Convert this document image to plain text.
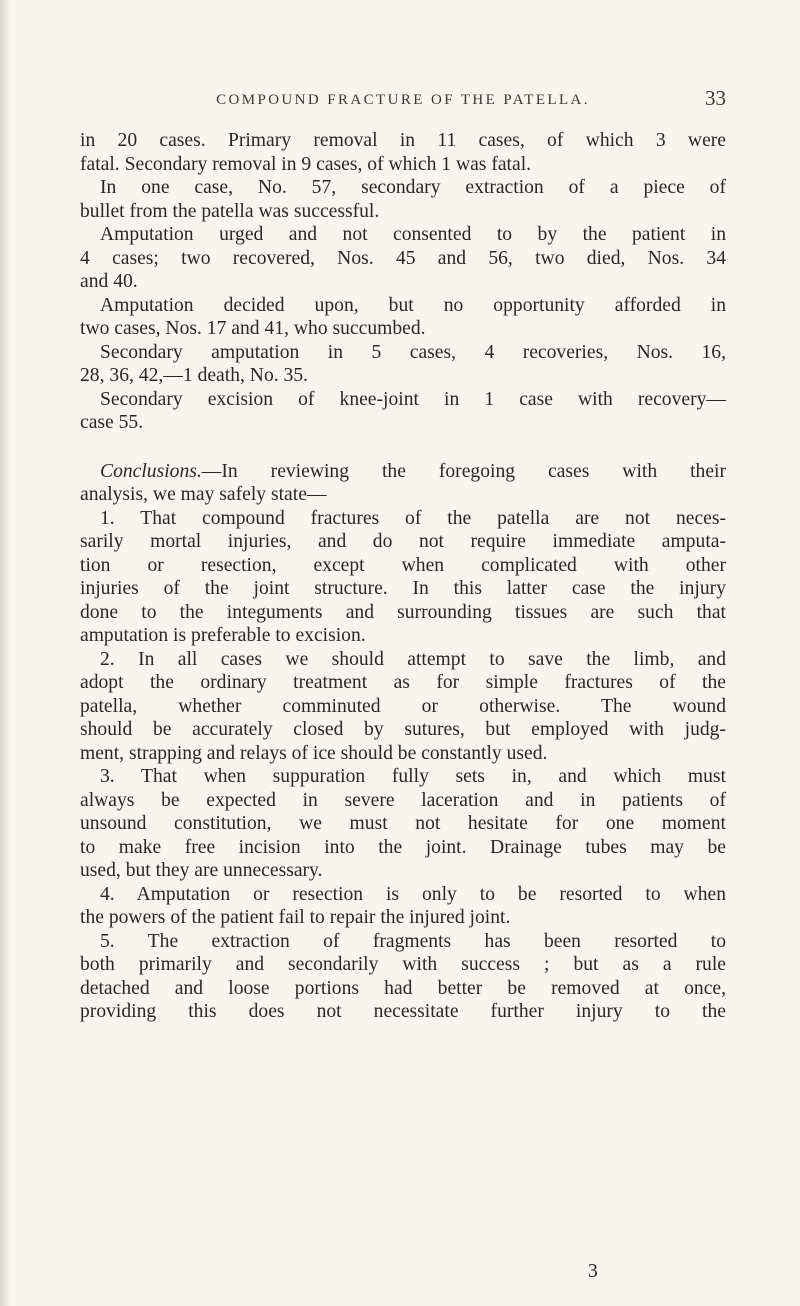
COMPOUND FRACTURE OF THE PATELLA.	33
in 20 cases. Primary removal in 11 cases, of which 3 were
fatal. Secondary removal in 9 cases, of which 1 was fatal.
In one case, No. 57, secondary extraction of a piece of
bullet from the patella was successful.
Amputation urged and not consented to by the patient in
4 cases; two recovered, Nos. 45 and 56, two died, Nos. 34
and 40.
Amputation decided upon, but no opportunity afforded in
two cases, Nos. 17 and 41, who succumbed.
Secondary amputation in 5 cases, 4 recoveries, Nos. 16,
28, 36, 42,—1 death, No. 35.
Secondary excision of knee-joint in 1 case with recovery—
case 55.
Conclusions.—In reviewing the foregoing cases with their
analysis, we may safely state—
1. That compound fractures of the patella are not neces-
sarily mortal injuries, and do not require immediate amputa-
tion or resection, except when complicated with other
injuries of the joint structure. In this latter case the injury
done to the integuments and surrounding tissues are such that
amputation is preferable to excision.
2. In all cases we should attempt to save the limb, and
adopt the ordinary treatment as for simple fractures of the
patella, whether comminuted or otherwise. The wound
should be accurately closed by sutures, but employed with judg-
ment, strapping and relays of ice should be constantly used.
3. That when suppuration fully sets in, and which must
always be expected in severe laceration and in patients of
unsound constitution, we must not hesitate for one moment
to make free incision into the joint. Drainage tubes may be
used, but they are unnecessary.
4. Amputation or resection is only to be resorted to when
the powers of the patient fail to repair the injured joint.
5. The extraction of fragments has been resorted to
both primarily and secondarily with success ; but as a rule
detached and loose portions had better be removed at once,
providing this does not necessitate further injury to the
3
